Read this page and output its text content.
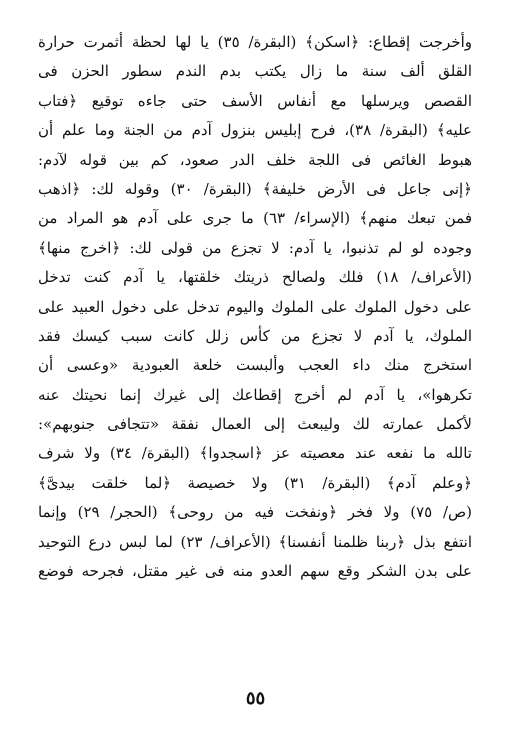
وأخرجت إقطاع: ﴿اسكن﴾ (البقرة/ ٣٥) يا لها لحظة أثمرت حرارة
القلق ألف سنة ما زال يكتب بدم الندم سطور الحزن فى
القصص ويرسلها مع أنفاس الأسف حتى جاءه توقيع ﴿فتاب
عليه﴾ (البقرة/ ٣٨)، فرح إبليس بنزول آدم من الجنة وما علم أن
هبوط الغائص فى اللجة خلف الدر صعود، كم بين قوله لآدم:
﴿إنى جاعل فى الأرض خليفة﴾ (البقرة/ ٣٠) وقوله لك: ﴿اذهب
فمن تبعك منهم﴾ (الإسراء/ ٦٣) ما جرى على آدم هو المراد من
وجوده لو لم تذنبوا، يا آدم: لا تجزع من قولى لك: ﴿اخرج منها﴾
(الأعراف/ ١٨) فلك ولصالح ذريتك خلقتها، يا آدم كنت تدخل
على دخول الملوك على الملوك واليوم تدخل على دخول العبيد على
الملوك، يا آدم لا تجزع من كأس زلل كانت سبب كيسك فقد
استخرج منك داء العجب وألبست خلعة العبودية «وعسى أن
تكرهوا»، يا آدم لم أخرج إقطاعك إلى غيرك إنما نحيتك عنه
لأكمل عمارته لك وليبعث إلى العمال نفقة «تتجافى جنوبهم»:
تالله ما نفعه عند معصيته عز ﴿اسجدوا﴾ (البقرة/ ٣٤) ولا شرف
﴿وعلم آدم﴾ (البقرة/ ٣١) ولا خصيصة ﴿لما خلقت بيدىَّ﴾
(ص/ ٧٥) ولا فخر ﴿ونفخت فيه من روحى﴾ (الحجر/ ٢٩) وإنما
انتفع بذل ﴿ربنا ظلمنا أنفسنا﴾ (الأعراف/ ٢٣) لما لبس درع التوحيد
على بدن الشكر وقع سهم العدو منه فى غير مقتل، فجرحه فوضع
٥٥
